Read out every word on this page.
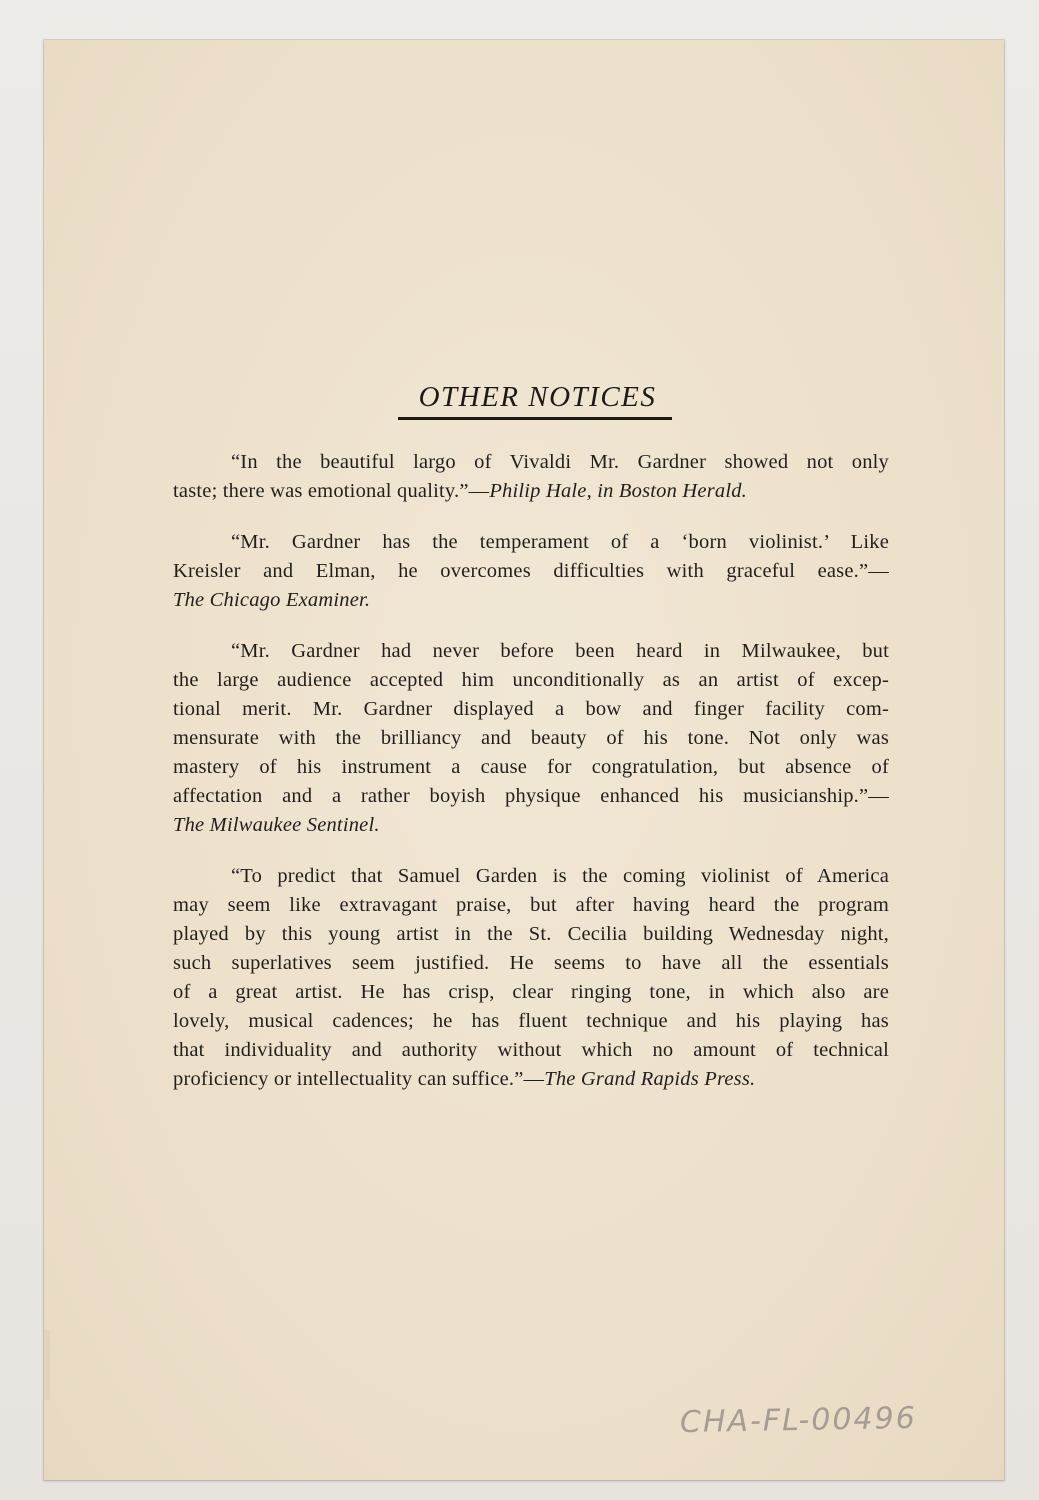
OTHER NOTICES
“In the beautiful largo of Vivaldi Mr. Gardner showed not only
taste; there was emotional quality.”—Philip Hale, in Boston Herald.
“Mr. Gardner has the temperament of a ‘born violinist.’ Like
Kreisler and Elman, he overcomes difficulties with graceful ease.”—
The Chicago Examiner.
“Mr. Gardner had never before been heard in Milwaukee, but
the large audience accepted him unconditionally as an artist of excep-
tional merit. Mr. Gardner displayed a bow and finger facility com-
mensurate with the brilliancy and beauty of his tone. Not only was
mastery of his instrument a cause for congratulation, but absence of
affectation and a rather boyish physique enhanced his musicianship.”—
The Milwaukee Sentinel.
“To predict that Samuel Garden is the coming violinist of America
may seem like extravagant praise, but after having heard the program
played by this young artist in the St. Cecilia building Wednesday night,
such superlatives seem justified. He seems to have all the essentials
of a great artist. He has crisp, clear ringing tone, in which also are
lovely, musical cadences; he has fluent technique and his playing has
that individuality and authority without which no amount of technical
proficiency or intellectuality can suffice.”—The Grand Rapids Press.
CHA-FL-00496
